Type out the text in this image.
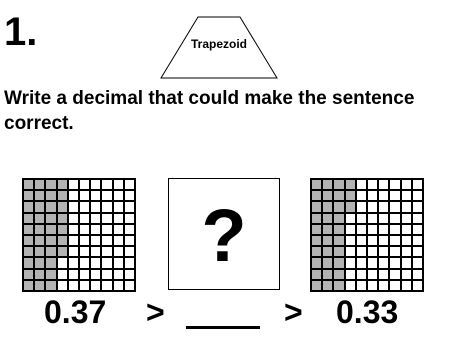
1.	Trapezoid
Write a decimal that could make the sentence correct.
?
0.37 >	> 0.33
